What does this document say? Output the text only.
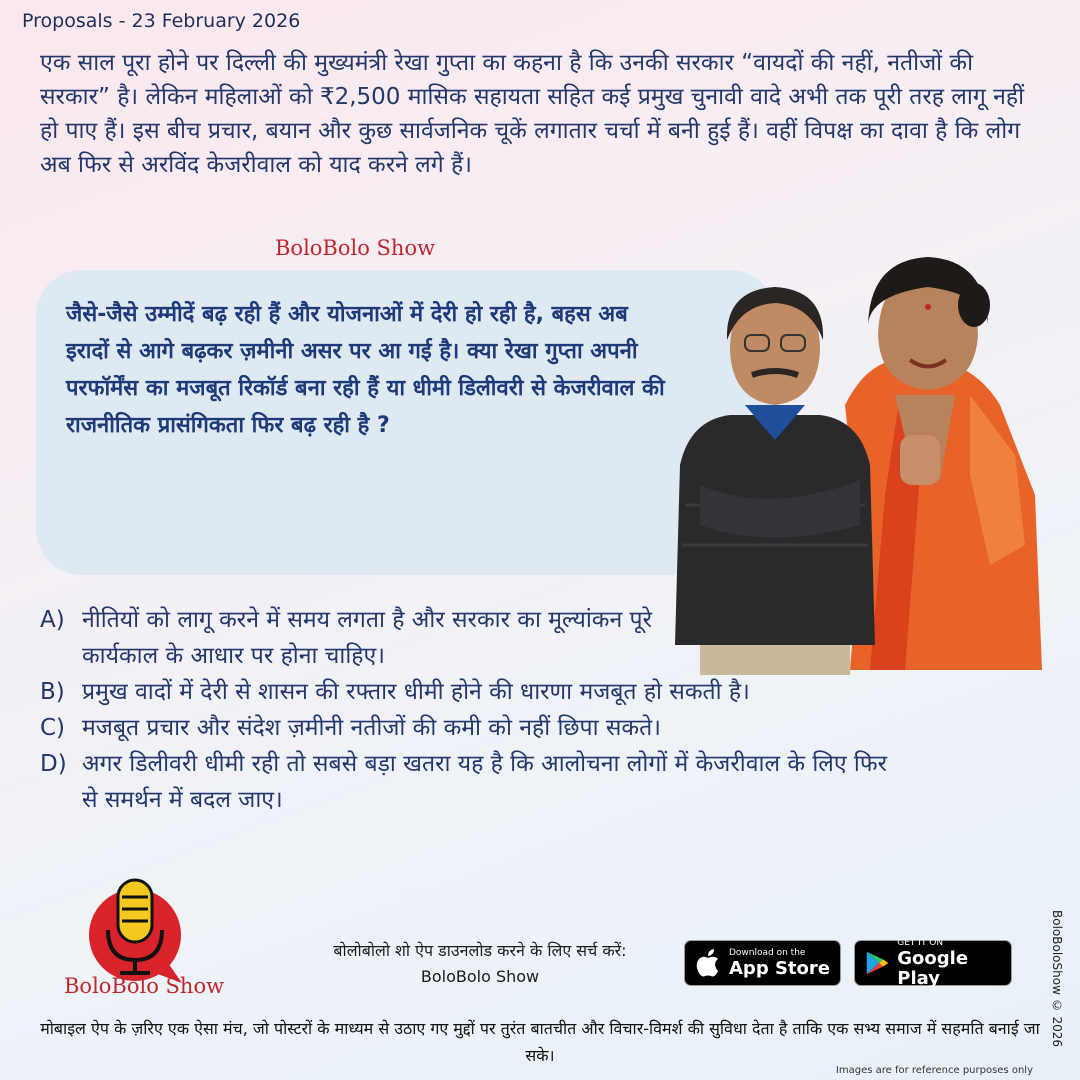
Proposals - 23 February 2026
एक साल पूरा होने पर दिल्ली की मुख्यमंत्री रेखा गुप्ता का कहना है कि उनकी सरकार “वायदों की नहीं, नतीजों की सरकार” है। लेकिन महिलाओं को ₹2,500 मासिक सहायता सहित कई प्रमुख चुनावी वादे अभी तक पूरी तरह लागू नहीं हो पाए हैं। इस बीच प्रचार, बयान और कुछ सार्वजनिक चूकें लगातार चर्चा में बनी हुई हैं। वहीं विपक्ष का दावा है कि लोग अब फिर से अरविंद केजरीवाल को याद करने लगे हैं।
BoloBolo Show
जैसे-जैसे उम्मीदें बढ़ रही हैं और योजनाओं में देरी हो रही है, बहस अब इरादों से आगे बढ़कर ज़मीनी असर पर आ गई है। क्या रेखा गुप्ता अपनी परफॉर्मेंस का मजबूत रिकॉर्ड बना रही हैं या धीमी डिलीवरी से केजरीवाल की राजनीतिक प्रासंगिकता फिर बढ़ रही है ?
A) नीतियों को लागू करने में समय लगता है और सरकार का मूल्यांकन पूरे कार्यकाल के आधार पर होना चाहिए।
B) प्रमुख वादों में देरी से शासन की रफ्तार धीमी होने की धारणा मजबूत हो सकती है।
C) मजबूत प्रचार और संदेश ज़मीनी नतीजों की कमी को नहीं छिपा सकते।
D) अगर डिलीवरी धीमी रही तो सबसे बड़ा खतरा यह है कि आलोचना लोगों में केजरीवाल के लिए फिर से समर्थन में बदल जाए।
BoloBolo Show
बोलोबोलो शो ऐप डाउनलोड करने के लिए सर्च करें:
BoloBolo Show
Download on the
App Store
GET IT ON
Google Play	BoloBoloShow © 2026
मोबाइल ऐप के ज़रिए एक ऐसा मंच, जो पोस्टरों के माध्यम से उठाए गए मुद्दों पर तुरंत बातचीत और विचार-विमर्श की सुविधा देता है ताकि एक सभ्य समाज में सहमति बनाई जा सके।
Images are for reference purposes only
